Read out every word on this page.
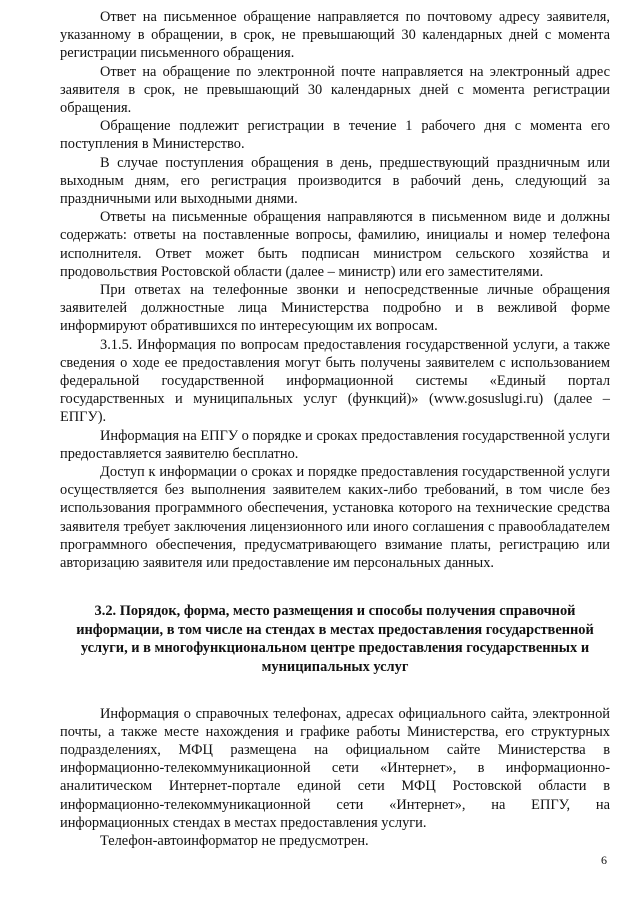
Ответ на письменное обращение направляется по почтовому адресу заявителя, указанному в обращении, в срок, не превышающий 30 календарных дней с момента регистрации письменного обращения.

Ответ на обращение по электронной почте направляется на электронный адрес заявителя в срок, не превышающий 30 календарных дней с момента регистрации обращения.

Обращение подлежит регистрации в течение 1 рабочего дня с момента его поступления в Министерство.

В случае поступления обращения в день, предшествующий праздничным или выходным дням, его регистрация производится в рабочий день, следующий за праздничными или выходными днями.

Ответы на письменные обращения направляются в письменном виде и должны содержать: ответы на поставленные вопросы, фамилию, инициалы и номер телефона исполнителя. Ответ может быть подписан министром сельского хозяйства и продовольствия Ростовской области (далее – министр) или его заместителями.

При ответах на телефонные звонки и непосредственные личные обращения заявителей должностные лица Министерства подробно и в вежливой форме информируют обратившихся по интересующим их вопросам.

3.1.5. Информация по вопросам предоставления государственной услуги, а также сведения о ходе ее предоставления могут быть получены заявителем с использованием федеральной государственной информационной системы «Единый портал государственных и муниципальных услуг (функций)» (www.gosuslugi.ru) (далее – ЕПГУ).

Информация на ЕПГУ о порядке и сроках предоставления государственной услуги предоставляется заявителю бесплатно.

Доступ к информации о сроках и порядке предоставления государственной услуги осуществляется без выполнения заявителем каких-либо требований, в том числе без использования программного обеспечения, установка которого на технические средства заявителя требует заключения лицензионного или иного соглашения с правообладателем программного обеспечения, предусматривающего взимание платы, регистрацию или авторизацию заявителя или предоставление им персональных данных.

3.2. Порядок, форма, место размещения и способы получения справочной информации, в том числе на стендах в местах предоставления государственной услуги, и в многофункциональном центре предоставления государственных и муниципальных услуг

Информация о справочных телефонах, адресах официального сайта, электронной почты, а также месте нахождения и графике работы Министерства, его структурных подразделениях, МФЦ размещена на официальном сайте Министерства в информационно-телекоммуникационной сети «Интернет», в информационно-аналитическом Интернет-портале единой сети МФЦ Ростовской области в информационно-телекоммуникационной сети «Интернет», на ЕПГУ, на информационных стендах в местах предоставления услуги.

Телефон-автоинформатор не предусмотрен.

6
